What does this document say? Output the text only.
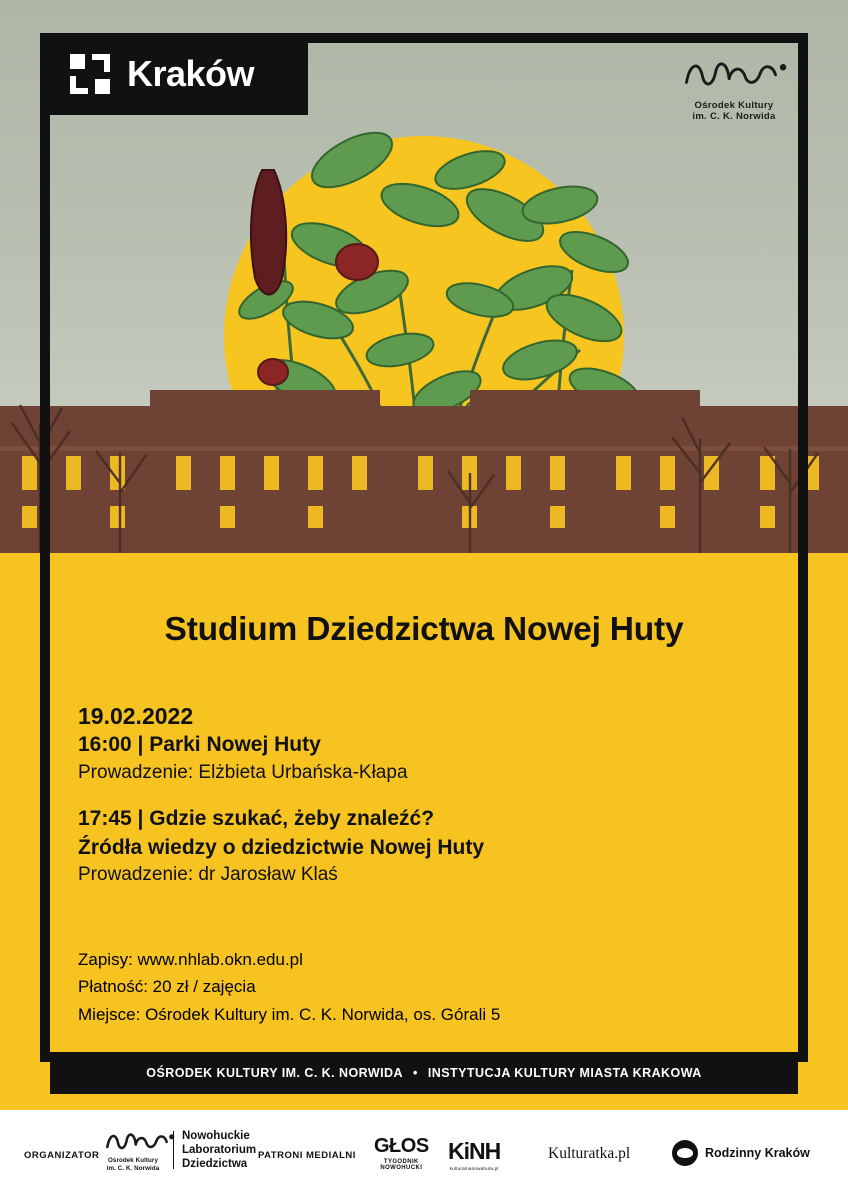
Kraków
Ośrodek Kultury
im. C. K. Norwida
Studium Dziedzictwa Nowej Huty
19.02.2022
16:00 | Parki Nowej Huty
Prowadzenie: Elżbieta Urbańska-Kłapa
17:45 | Gdzie szukać, żeby znaleźć?
Źródła wiedzy o dziedzictwie Nowej Huty
Prowadzenie: dr Jarosław Klaś
Zapisy: www.nhlab.okn.edu.pl
Płatność: 20 zł / zajęcia
Miejsce: Ośrodek Kultury im. C. K. Norwida, os. Górali 5
OŚRODEK KULTURY IM. C. K. NORWIDA • INSTYTUCJA KULTURY MIASTA KRAKOWA
ORGANIZATOR	Ośrodek Kultury
im. C. K. Norwida
Nowohuckie
Laboratorium
Dziedzictwa
PATRONI MEDIALNI GŁOS
TYGODNIK
NOWOHUCKI
KiNH
kulturalnanowahuta.pl
Kulturatka.pl	Rodzinny Kraków
